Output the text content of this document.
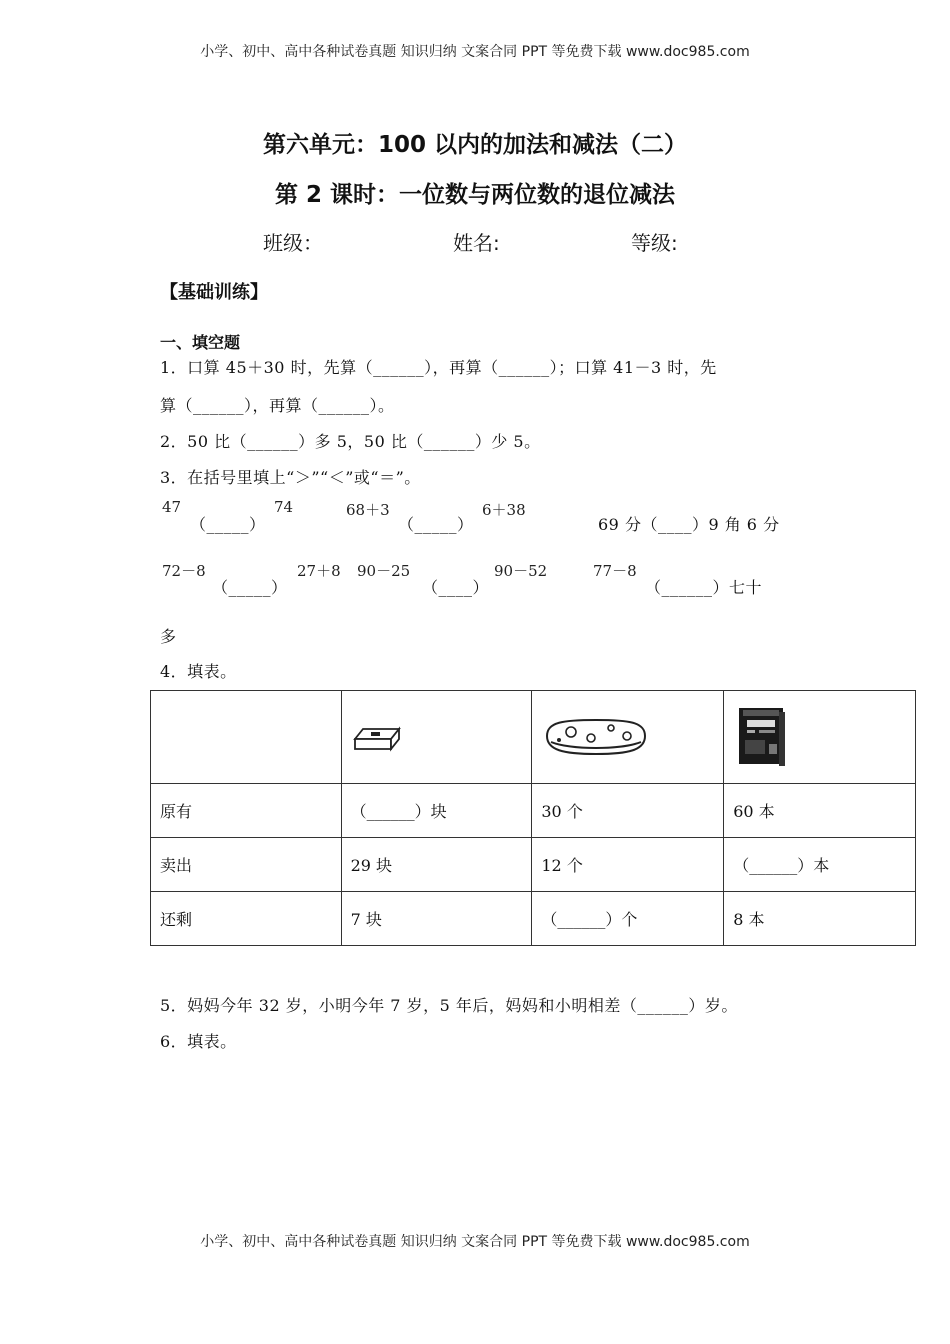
小学、初中、高中各种试卷真题 知识归纳 文案合同 PPT 等免费下载 www.doc985.com
第六单元：100 以内的加法和减法（二）
第 2 课时：一位数与两位数的退位减法
班级：	姓名:	等级:
【基础训练】
一、填空题
1．口算 45＋30 时，先算（______），再算（______）；口算 41－3 时，先
算（______），再算（______）。
2．50 比（______）多 5，50 比（______）少 5。
3．在括号里填上“＞”“＜”或“＝”。
47
（_____）
74	68＋3
（_____）
6＋38
69 分（____）9 角 6 分
72－8
（_____）
27＋8 90－25
（____）
90－52	77－8
（______）七十
多
4．填表。

原有	（______）块	30 个	60 本
卖出	29 块	12 个	（______）本
还剩	7 块	（______）个	8 本
5．妈妈今年 32 岁，小明今年 7 岁，5 年后，妈妈和小明相差（______）岁。
6．填表。
小学、初中、高中各种试卷真题 知识归纳 文案合同 PPT 等免费下载 www.doc985.com
